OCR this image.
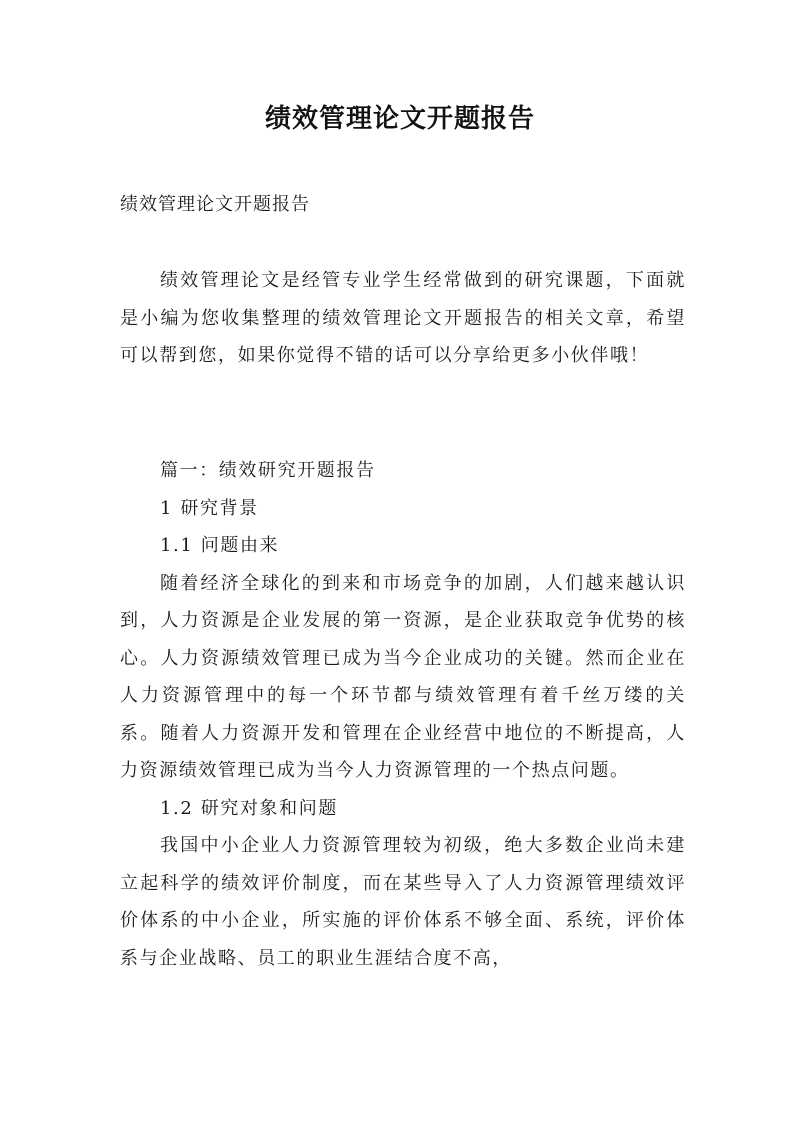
绩效管理论文开题报告

绩效管理论文开题报告

绩效管理论文是经管专业学生经常做到的研究课题，下面就是小编为您收集整理的绩效管理论文开题报告的相关文章，希望可以帮到您，如果你觉得不错的话可以分享给更多小伙伴哦！

篇一：绩效研究开题报告

1 研究背景

1.1 问题由来

随着经济全球化的到来和市场竞争的加剧，人们越来越认识到，人力资源是企业发展的第一资源，是企业获取竞争优势的核心。人力资源绩效管理已成为当今企业成功的关键。然而企业在人力资源管理中的每一个环节都与绩效管理有着千丝万缕的关系。随着人力资源开发和管理在企业经营中地位的不断提高，人力资源绩效管理已成为当今人力资源管理的一个热点问题。

1.2 研究对象和问题

我国中小企业人力资源管理较为初级，绝大多数企业尚未建立起科学的绩效评价制度，而在某些导入了人力资源管理绩效评价体系的中小企业，所实施的评价体系不够全面、系统，评价体系与企业战略、员工的职业生涯结合度不高，
